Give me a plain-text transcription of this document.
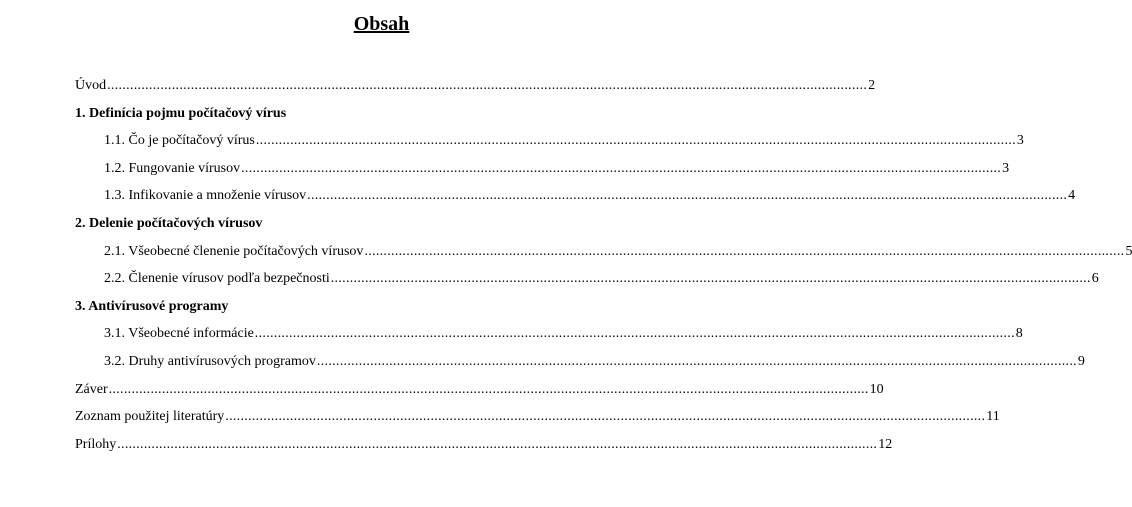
Obsah
Úvod ........................................................................................................................................................................................................ 2
1. Definícia pojmu počítačový vírus
1.1. Čo je počítačový vírus ........................................................................................................................................................................................................ 3
1.2. Fungovanie vírusov ........................................................................................................................................................................................................ 3
1.3. Infikovanie a množenie vírusov ........................................................................................................................................................................................................ 4
2. Delenie počítačových vírusov
2.1. Všeobecné členenie počítačových vírusov ........................................................................................................................................................................................................ 5
2.2. Členenie vírusov podľa bezpečnosti ........................................................................................................................................................................................................ 6
3. Antivírusové programy
3.1. Všeobecné informácie ........................................................................................................................................................................................................ 8
3.2. Druhy antivírusových programov ........................................................................................................................................................................................................ 9
Záver ........................................................................................................................................................................................................ 10
Zoznam použitej literatúry ........................................................................................................................................................................................................ 11
Prílohy ........................................................................................................................................................................................................ 12
